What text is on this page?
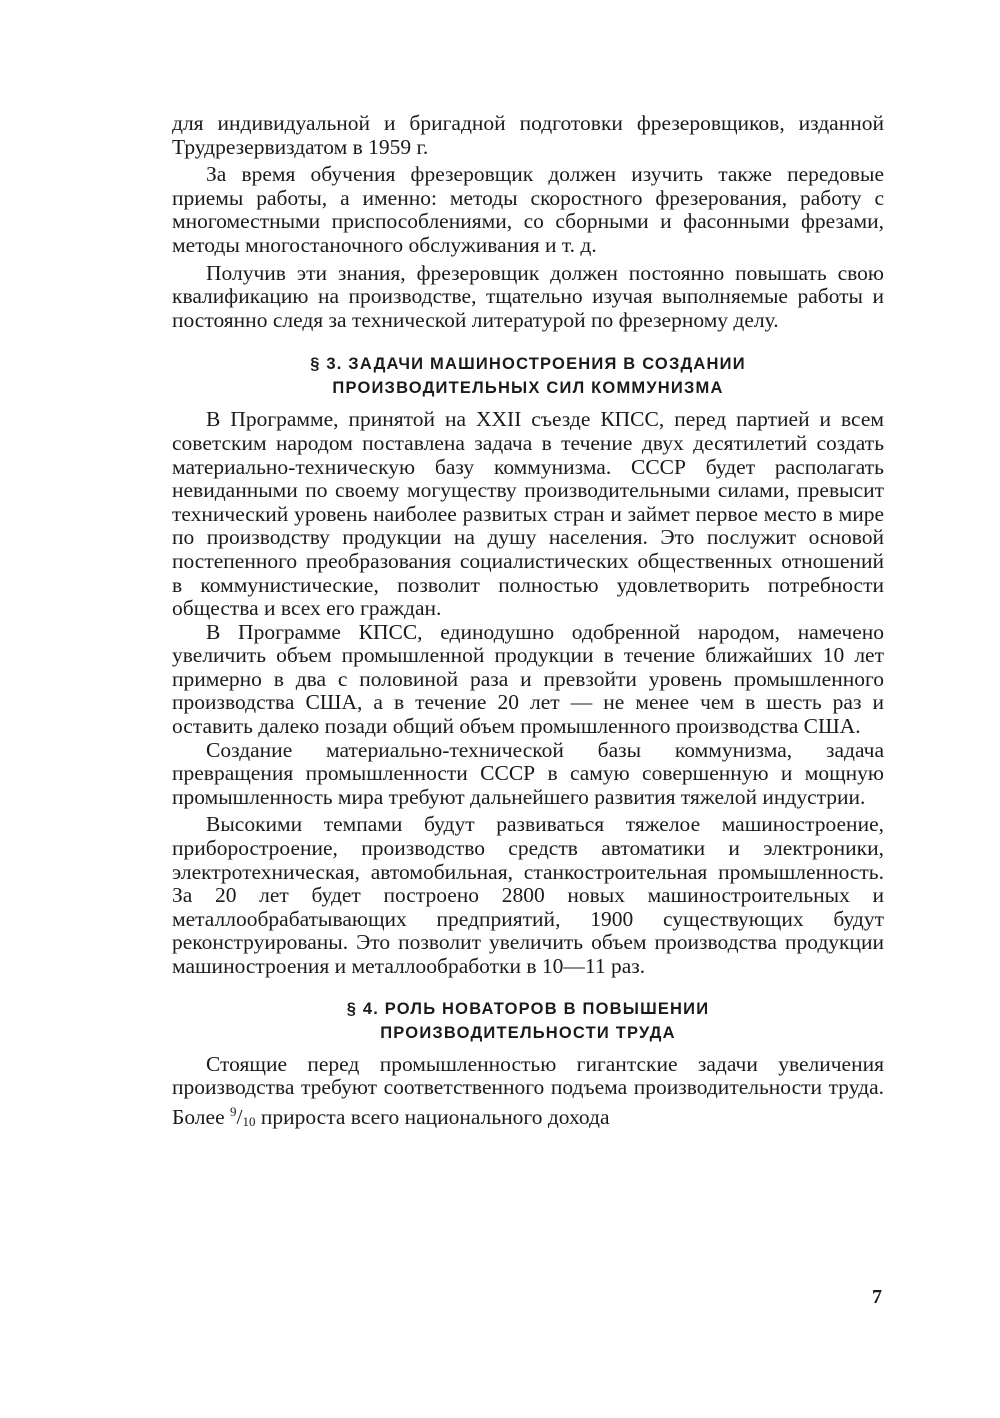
для индивидуальной и бригадной подготовки фрезеровщиков, изданной Трудрезервиздатом в 1959 г.

За время обучения фрезеровщик должен изучить также передовые приемы работы, а именно: методы скоростного фрезерования, работу с многоместными приспособлениями, со сборными и фасонными фрезами, методы многостаночного обслуживания и т. д.

Получив эти знания, фрезеровщик должен постоянно повышать свою квалификацию на производстве, тщательно изучая выполняемые работы и постоянно следя за технической литературой по фрезерному делу.

§ 3. ЗАДАЧИ МАШИНОСТРОЕНИЯ В СОЗДАНИИ
ПРОИЗВОДИТЕЛЬНЫХ СИЛ КОММУНИЗМА

В Программе, принятой на XXII съезде КПСС, перед партией и всем советским народом поставлена задача в течение двух десятилетий создать материально-техническую базу коммунизма. СССР будет располагать невиданными по своему могуществу производительными силами, превысит технический уровень наиболее развитых стран и займет первое место в мире по производству продукции на душу населения. Это послужит основой постепенного преобразования социалистических общественных отношений в коммунистические, позволит полностью удовлетворить потребности общества и всех его граждан.

В Программе КПСС, единодушно одобренной народом, намечено увеличить объем промышленной продукции в течение ближайших 10 лет примерно в два с половиной раза и превзойти уровень промышленного производства США, а в течение 20 лет — не менее чем в шесть раз и оставить далеко позади общий объем промышленного производства США.

Создание материально-технической базы коммунизма, задача превращения промышленности СССР в самую совершенную и мощную промышленность мира требуют дальнейшего развития тяжелой индустрии.

Высокими темпами будут развиваться тяжелое машиностроение, приборостроение, производство средств автоматики и электроники, электротехническая, автомобильная, станкостроительная промышленность. За 20 лет будет построено 2800 новых машиностроительных и металлообрабатывающих предприятий, 1900 существующих будут реконструированы. Это позволит увеличить объем производства продукции машиностроения и металлообработки в 10—11 раз.

§ 4. РОЛЬ НОВАТОРОВ В ПОВЫШЕНИИ
ПРОИЗВОДИТЕЛЬНОСТИ ТРУДА

Стоящие перед промышленностью гигантские задачи увеличения производства требуют соответственного подъема производительности труда. Более $^9/_{10}$ прироста всего национального дохода

7
